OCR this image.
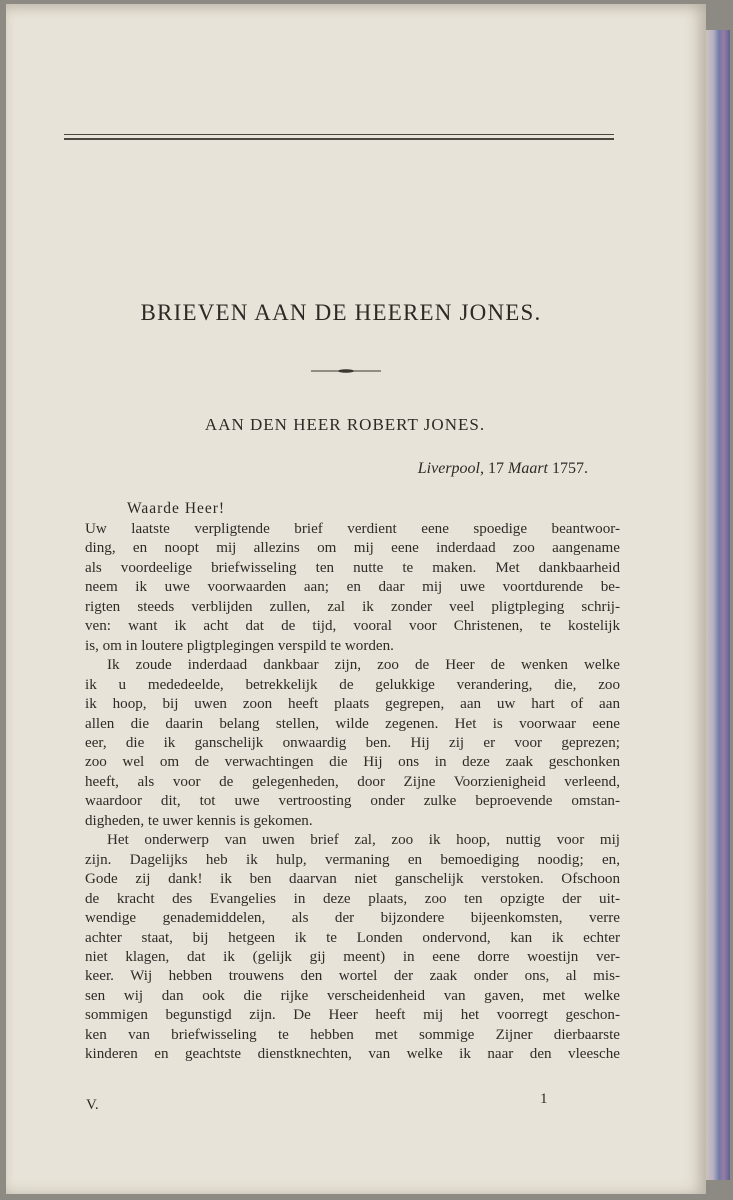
BRIEVEN AAN DE HEEREN JONES.
AAN DEN HEER ROBERT JONES.
Liverpool, 17 Maart 1757.
Waarde Heer!
Uw laatste verpligtende brief verdient eene spoedige beantwoor-
ding, en noopt mij allezins om mij eene inderdaad zoo aangename
als voordeelige briefwisseling ten nutte te maken. Met dankbaarheid
neem ik uwe voorwaarden aan; en daar mij uwe voortdurende be-
rigten steeds verblijden zullen, zal ik zonder veel pligtpleging schrij-
ven: want ik acht dat de tijd, vooral voor Christenen, te kostelijk
is, om in loutere pligtplegingen verspild te worden.
Ik zoude inderdaad dankbaar zijn, zoo de Heer de wenken welke
ik u mededeelde, betrekkelijk de gelukkige verandering, die, zoo
ik hoop, bij uwen zoon heeft plaats gegrepen, aan uw hart of aan
allen die daarin belang stellen, wilde zegenen. Het is voorwaar eene
eer, die ik ganschelijk onwaardig ben. Hij zij er voor geprezen;
zoo wel om de verwachtingen die Hij ons in deze zaak geschonken
heeft, als voor de gelegenheden, door Zijne Voorzienigheid verleend,
waardoor dit, tot uwe vertroosting onder zulke beproevende omstan-
digheden, te uwer kennis is gekomen.
Het onderwerp van uwen brief zal, zoo ik hoop, nuttig voor mij
zijn. Dagelijks heb ik hulp, vermaning en bemoediging noodig; en,
Gode zij dank! ik ben daarvan niet ganschelijk verstoken. Ofschoon
de kracht des Evangelies in deze plaats, zoo ten opzigte der uit-
wendige genademiddelen, als der bijzondere bijeenkomsten, verre
achter staat, bij hetgeen ik te Londen ondervond, kan ik echter
niet klagen, dat ik (gelijk gij meent) in eene dorre woestijn ver-
keer. Wij hebben trouwens den wortel der zaak onder ons, al mis-
sen wij dan ook die rijke verscheidenheid van gaven, met welke
sommigen begunstigd zijn. De Heer heeft mij het voorregt geschon-
ken van briefwisseling te hebben met sommige Zijner dierbaarste
kinderen en geachtste dienstknechten, van welke ik naar den vleesche
V.	1
